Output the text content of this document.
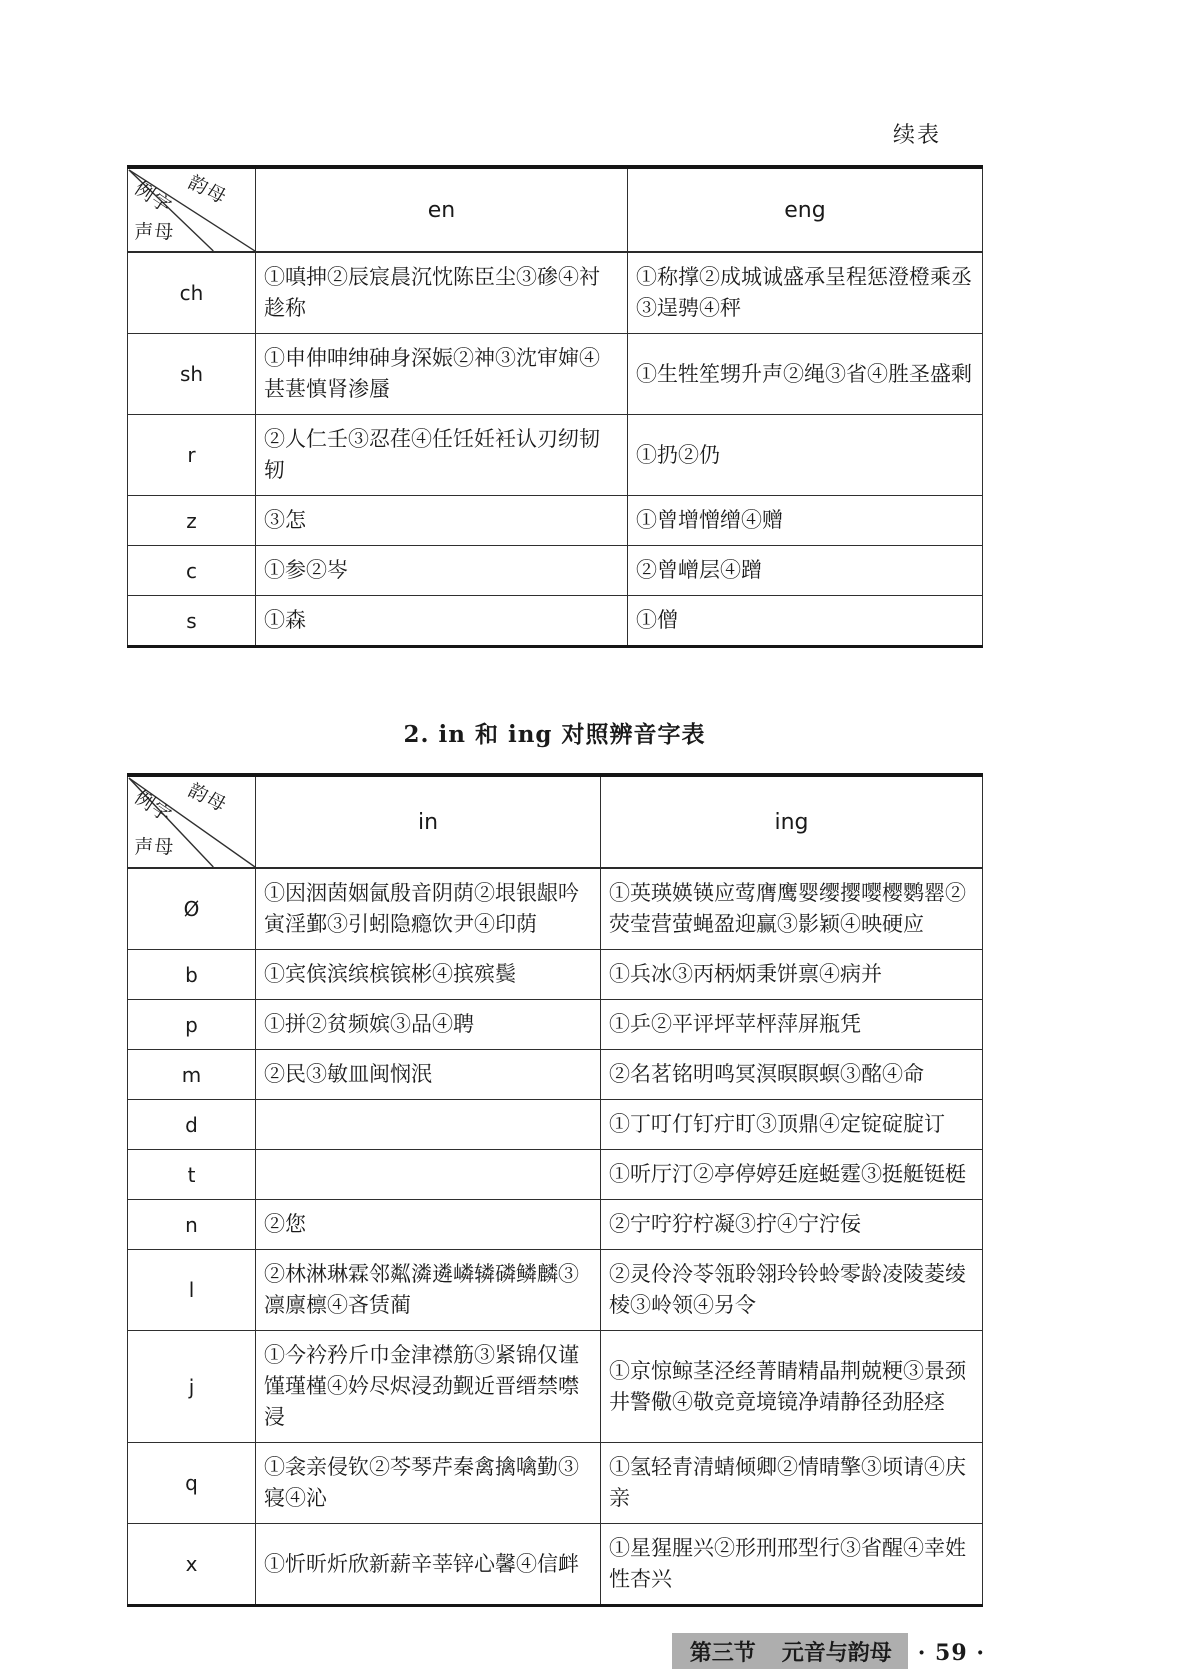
续表
韵母
例字
声母	en	eng
ch	①嗔抻②辰宸晨沉忱陈臣尘③碜④衬趁称	①称撑②成城诚盛承呈程惩澄橙乘丞③逞骋④秤
sh	①申伸呻绅砷身深娠②神③沈审婶④甚葚慎肾渗蜃	①生牲笙甥升声②绳③省④胜圣盛剩
r	②人仁壬③忍荏④任饪妊衽认刃纫韧轫	①扔②仍
z	③怎	①曾增憎缯④赠
c	①参②岑	②曾嶒层④蹭
s	①森	①僧
2. in 和 ing 对照辨音字表
韵母
例字
声母	in	ing
Ø	①因洇茵姻氤殷音阴荫②垠银龈吟寅淫鄞③引蚓隐瘾饮尹④印荫	①英瑛媖锳应莺膺鹰婴缨撄嘤樱鹦罂②荧莹营萤蝇盈迎赢③影颖④映硬应
b	①宾傧滨缤槟镔彬④摈殡鬓	①兵冰③丙柄炳秉饼禀④病并
p	①拼②贫频嫔③品④聘	①乒②平评坪苹枰萍屏瓶凭
m	②民③敏皿闽悯泯	②名茗铭明鸣冥溟暝瞑螟③酩④命
d		①丁叮仃钉疔盯③顶鼎④定锭碇腚订
t		①听厅汀②亭停婷廷庭蜓霆③挺艇铤梃
n	②您	②宁咛狞柠凝③拧④宁泞佞
l	②林淋琳霖邻粼潾遴嶙辚磷鳞麟③凛廪檩④吝赁蔺	②灵伶泠苓瓴聆翎玲铃蛉零龄凌陵菱绫棱③岭领④另令
j	①今衿矜斤巾金津襟筋③紧锦仅谨馑瑾槿④妗尽烬浸劲觐近晋缙禁噤浸	①京惊鲸茎泾经菁睛精晶荆兢粳③景颈井警儆④敬竞竟境镜净靖静径劲胫痉
q	①衾亲侵钦②芩琴芹秦禽擒噙勤③寝④沁	①氢轻青清蜻倾卿②情晴擎③顷请④庆亲
x	①忻昕炘欣新薪辛莘锌心馨④信衅	①星猩腥兴②形刑邢型行③省醒④幸姓性杏兴
第三节 元音与韵母 · 59 ·
